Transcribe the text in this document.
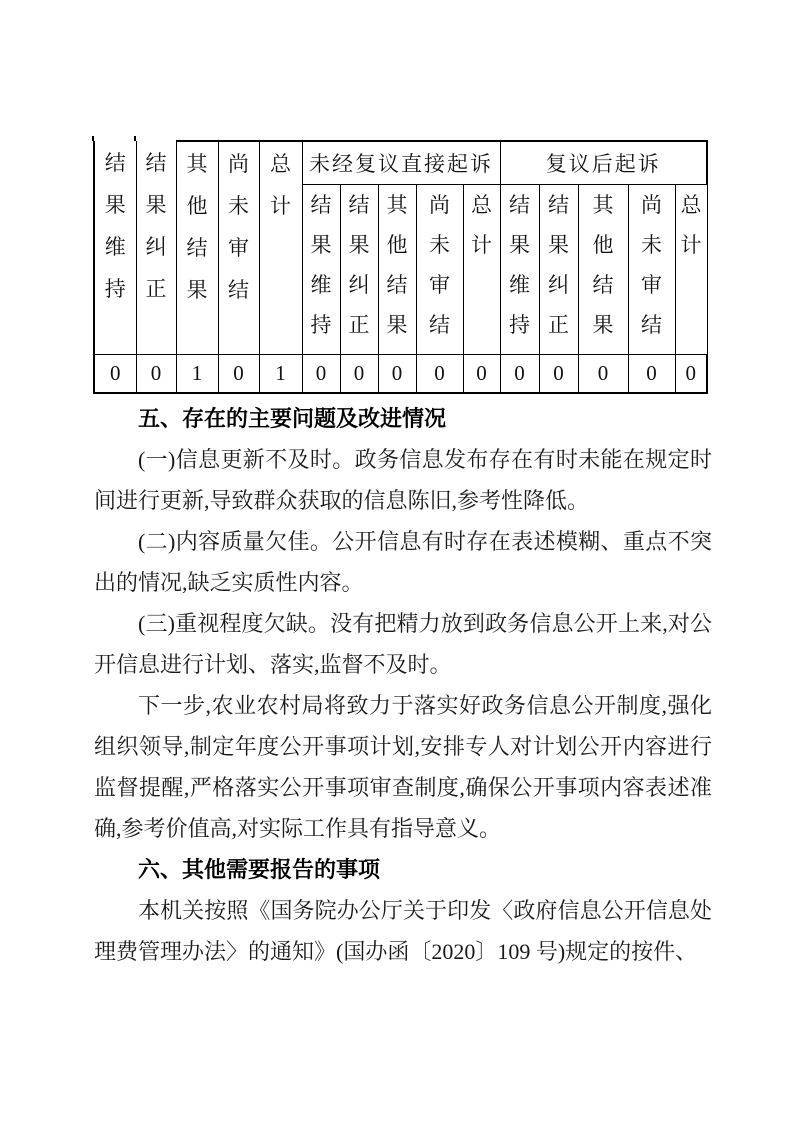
结果维持	结果纠正	其他结果	尚未审结	总计	未经复议直接起诉					复议后起诉				

					结果维持	结果纠正	其他结果	尚未审结	总计	结果维持	结果纠正	其他结果	尚未审结	总计

0	0	1	0	1	0	0	0	0	0	0	0	0	0	0
五、存在的主要问题及改进情况

(一)信息更新不及时。政务信息发布存在有时未能在规定时间进行更新,导致群众获取的信息陈旧,参考性降低。

(二)内容质量欠佳。公开信息有时存在表述模糊、重点不突出的情况,缺乏实质性内容。

(三)重视程度欠缺。没有把精力放到政务信息公开上来,对公开信息进行计划、落实,监督不及时。

下一步,农业农村局将致力于落实好政务信息公开制度,强化组织领导,制定年度公开事项计划,安排专人对计划公开内容进行监督提醒,严格落实公开事项审查制度,确保公开事项内容表述准确,参考价值高,对实际工作具有指导意义。

六、其他需要报告的事项

本机关按照《国务院办公厅关于印发〈政府信息公开信息处理费管理办法〉的通知》(国办函〔2020〕109 号)规定的按件、
